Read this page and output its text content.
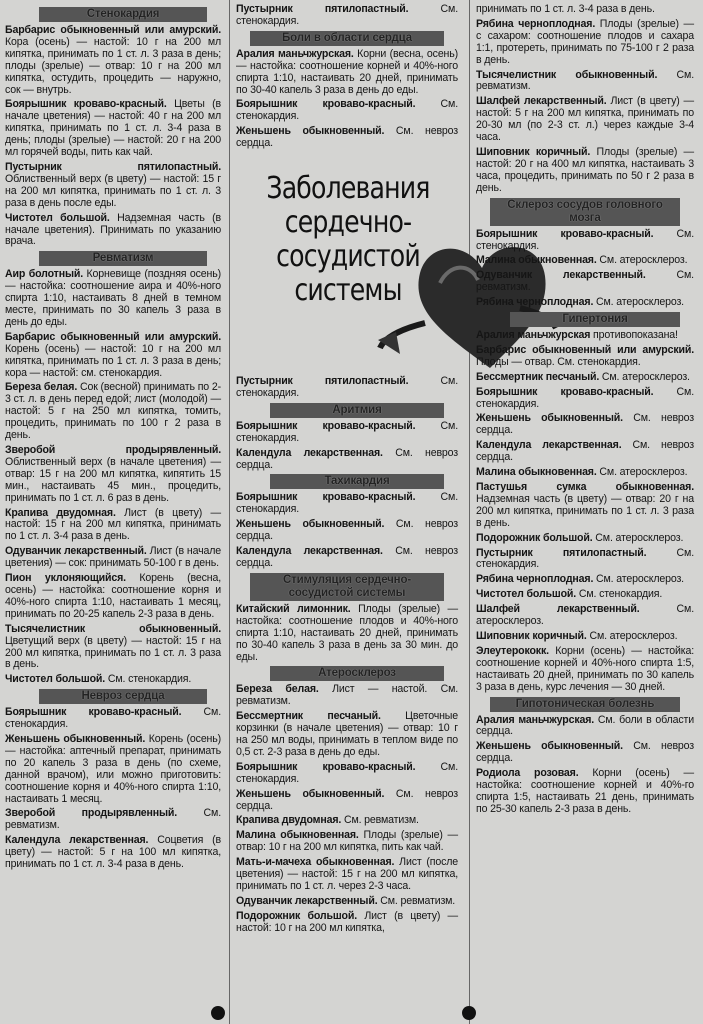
Стенокардия
Барбарис обыкновенный или амурский. Кора (осень) — настой: 10 г на 200 мл кипятка, принимать по 1 ст. л. 3 раза в день; плоды (зрелые) — отвар: 10 г на 200 мл кипятка, остудить, процедить — наружно, сок — внутрь.
Боярышник кроваво-красный. Цветы (в начале цветения) — настой: 40 г на 200 мл кипятка, принимать по 1 ст. л. 3-4 раза в день; плоды (зрелые) — настой: 20 г на 200 мл горячей воды, пить как чай.
Пустырник пятилопастный. Облиственный верх (в цвету) — настой: 15 г на 200 мл кипятка, принимать по 1 ст. л. 3 раза в день после еды.
Чистотел большой. Надземная часть (в начале цветения). Принимать по указанию врача.
Ревматизм
Аир болотный. Корневище (поздняя осень) — настойка: соотношение аира и 40%-ного спирта 1:10, настаивать 8 дней в темном месте, принимать по 30 капель 3 раза в день до еды.
Барбарис обыкновенный или амурский. Корень (осень) — настой: 10 г на 200 мл кипятка, принимать по 1 ст. л. 3 раза в день; кора — настой: см. стенокардия.
Береза белая. Сок (весной) принимать по 2-3 ст. л. в день перед едой; лист (молодой) — настой: 5 г на 250 мл кипятка, томить, процедить, принимать по 100 г 2 раза в день.
Зверобой продырявленный. Облиственный верх (в начале цветения) — отвар: 15 г на 200 мл кипятка, кипятить 15 мин., настаивать 45 мин., процедить, принимать по 1 ст. л. 6 раз в день.
Крапива двудомная. Лист (в цвету) — настой: 15 г на 200 мл кипятка, принимать по 1 ст. л. 3-4 раза в день.
Одуванчик лекарственный. Лист (в начале цветения) — сок: принимать 50-100 г в день.
Пион уклоняющийся. Корень (весна, осень) — настойка: соотношение корня и 40%-ного спирта 1:10, настаивать 1 месяц, принимать по 20-25 капель 2-3 раза в день.
Тысячелистник обыкновенный. Цветущий верх (в цвету) — настой: 15 г на 200 мл кипятка, принимать по 1 ст. л. 3 раза в день.
Чистотел большой. См. стенокардия.
Невроз сердца
Боярышник кроваво-красный. См. стенокардия.
Женьшень обыкновенный. Корень (осень) — настойка: аптечный препарат, принимать по 20 капель 3 раза в день (по схеме, данной врачом), или можно приготовить: соотношение корня и 40%-ного спирта 1:10, настаивать 1 месяц.
Зверобой продырявленный. См. ревматизм.
Календула лекарственная. Соцветия (в цвету) — настой: 5 г на 100 мл кипятка, принимать по 1 ст. л. 3-4 раза в день.
Пустырник пятилопастный. См. стенокардия.
Боли в области сердца
Аралия маньчжурская. Корни (весна, осень) — настойка: соотношение корней и 40%-ного спирта 1:10, настаивать 20 дней, принимать по 30-40 капель 3 раза в день до еды.
Боярышник кроваво-красный. См. стенокардия.
Женьшень обыкновенный. См. невроз сердца.
Заболевания сердечно-сосудистой системы
Пустырник пятилопастный. См. стенокардия.
Аритмия
Боярышник кроваво-красный. См. стенокардия.
Календула лекарственная. См. невроз сердца.
Тахикардия
Боярышник кроваво-красный. См. стенокардия.
Женьшень обыкновенный. См. невроз сердца.
Календула лекарственная. См. невроз сердца.
Стимуляция сердечно-сосудистой системы
Китайский лимонник. Плоды (зрелые) — настойка: соотношение плодов и 40%-ного спирта 1:10, настаивать 20 дней, принимать по 30-40 капель 3 раза в день за 30 мин. до еды.
Атеросклероз
Береза белая. Лист — настой. См. ревматизм.
Бессмертник песчаный. Цветочные корзинки (в начале цветения) — отвар: 10 г на 250 мл воды, принимать в теплом виде по 0,5 ст. 2-3 раза в день до еды.
Боярышник кроваво-красный. См. стенокардия.
Женьшень обыкновенный. См. невроз сердца.
Крапива двудомная. См. ревматизм.
Малина обыкновенная. Плоды (зрелые) — отвар: 10 г на 200 мл кипятка, пить как чай.
Мать-и-мачеха обыкновенная. Лист (после цветения) — настой: 15 г на 200 мл кипятка, принимать по 1 ст. л. через 2-3 часа.
Одуванчик лекарственный. См. ревматизм.
Подорожник большой. Лист (в цвету) — настой: 10 г на 200 мл кипятка,
принимать по 1 ст. л. 3-4 раза в день.
Рябина черноплодная. Плоды (зрелые) — с сахаром: соотношение плодов и сахара 1:1, протереть, принимать по 75-100 г 2 раза в день.
Тысячелистник обыкновенный. См. ревматизм.
Шалфей лекарственный. Лист (в цвету) — настой: 5 г на 200 мл кипятка, принимать по 20-30 мл (по 2-3 ст. л.) через каждые 3-4 часа.
Шиповник коричный. Плоды (зрелые) — настой: 20 г на 400 мл кипятка, настаивать 3 часа, процедить, принимать по 50 г 2 раза в день.
Склероз сосудов головного мозга
Боярышник кроваво-красный. См. стенокардия.
Малина обыкновенная. См. атеросклероз.
Одуванчик лекарственный. См. ревматизм.
Рябина черноплодная. См. атеросклероз.
Гипертония
Аралия маньчжурская противопоказана!
Барбарис обыкновенный или амурский. Плоды — отвар. См. стенокардия.
Бессмертник песчаный. См. атеросклероз.
Боярышник кроваво-красный. См. стенокардия.
Женьшень обыкновенный. См. невроз сердца.
Календула лекарственная. См. невроз сердца.
Малина обыкновенная. См. атеросклероз.
Пастушья сумка обыкновенная. Надземная часть (в цвету) — отвар: 20 г на 200 мл кипятка, принимать по 1 ст. л. 3 раза в день.
Подорожник большой. См. атеросклероз.
Пустырник пятилопастный. См. стенокардия.
Рябина черноплодная. См. атеросклероз.
Чистотел большой. См. стенокардия.
Шалфей лекарственный. См. атеросклероз.
Шиповник коричный. См. атеросклероз.
Элеутерококк. Корни (осень) — настойка: соотношение корней и 40%-ного спирта 1:5, настаивать 20 дней, принимать по 30 капель 3 раза в день, курс лечения — 30 дней.
Гипотоническая болезнь
Аралия маньчжурская. См. боли в области сердца.
Женьшень обыкновенный. См. невроз сердца.
Родиола розовая. Корни (осень) — настойка: соотношение корней и 40%-го спирта 1:5, настаивать 21 день, принимать по 25-30 капель 2-3 раза в день.
